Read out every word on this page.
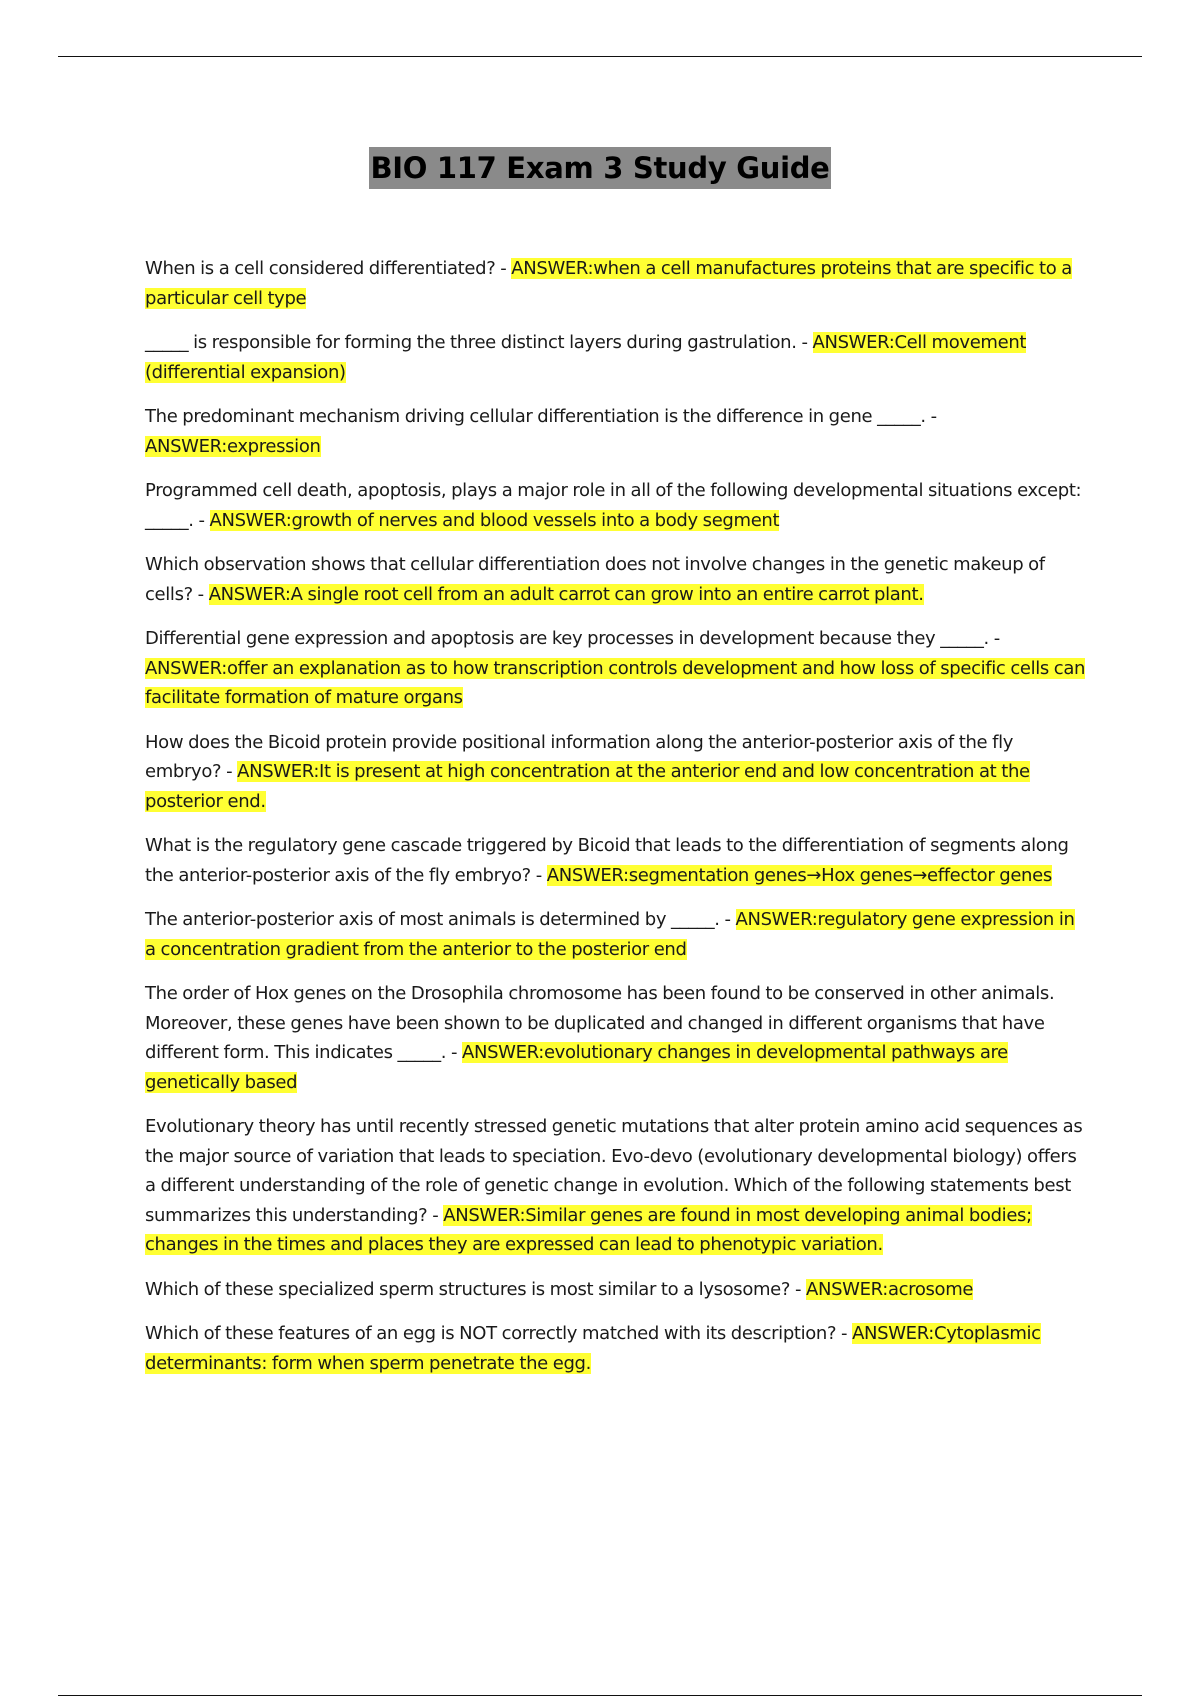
BIO 117 Exam 3 Study Guide

When is a cell considered differentiated? - ANSWER:when a cell manufactures proteins that are specific to a particular cell type

_____ is responsible for forming the three distinct layers during gastrulation. - ANSWER:Cell movement (differential expansion)

The predominant mechanism driving cellular differentiation is the difference in gene _____. - ANSWER:expression

Programmed cell death, apoptosis, plays a major role in all of the following developmental situations except: _____. - ANSWER:growth of nerves and blood vessels into a body segment

Which observation shows that cellular differentiation does not involve changes in the genetic makeup of cells? - ANSWER:A single root cell from an adult carrot can grow into an entire carrot plant.

Differential gene expression and apoptosis are key processes in development because they _____. - ANSWER:offer an explanation as to how transcription controls development and how loss of specific cells can facilitate formation of mature organs

How does the Bicoid protein provide positional information along the anterior-posterior axis of the fly embryo? - ANSWER:It is present at high concentration at the anterior end and low concentration at the posterior end.

What is the regulatory gene cascade triggered by Bicoid that leads to the differentiation of segments along the anterior-posterior axis of the fly embryo? - ANSWER:segmentation genes→Hox genes→effector genes

The anterior-posterior axis of most animals is determined by _____. - ANSWER:regulatory gene expression in a concentration gradient from the anterior to the posterior end

The order of Hox genes on the Drosophila chromosome has been found to be conserved in other animals. Moreover, these genes have been shown to be duplicated and changed in different organisms that have different form. This indicates _____. - ANSWER:evolutionary changes in developmental pathways are genetically based

Evolutionary theory has until recently stressed genetic mutations that alter protein amino acid sequences as the major source of variation that leads to speciation. Evo-devo (evolutionary developmental biology) offers a different understanding of the role of genetic change in evolution. Which of the following statements best summarizes this understanding? - ANSWER:Similar genes are found in most developing animal bodies; changes in the times and places they are expressed can lead to phenotypic variation.

Which of these specialized sperm structures is most similar to a lysosome? - ANSWER:acrosome

Which of these features of an egg is NOT correctly matched with its description? - ANSWER:Cytoplasmic determinants: form when sperm penetrate the egg.
